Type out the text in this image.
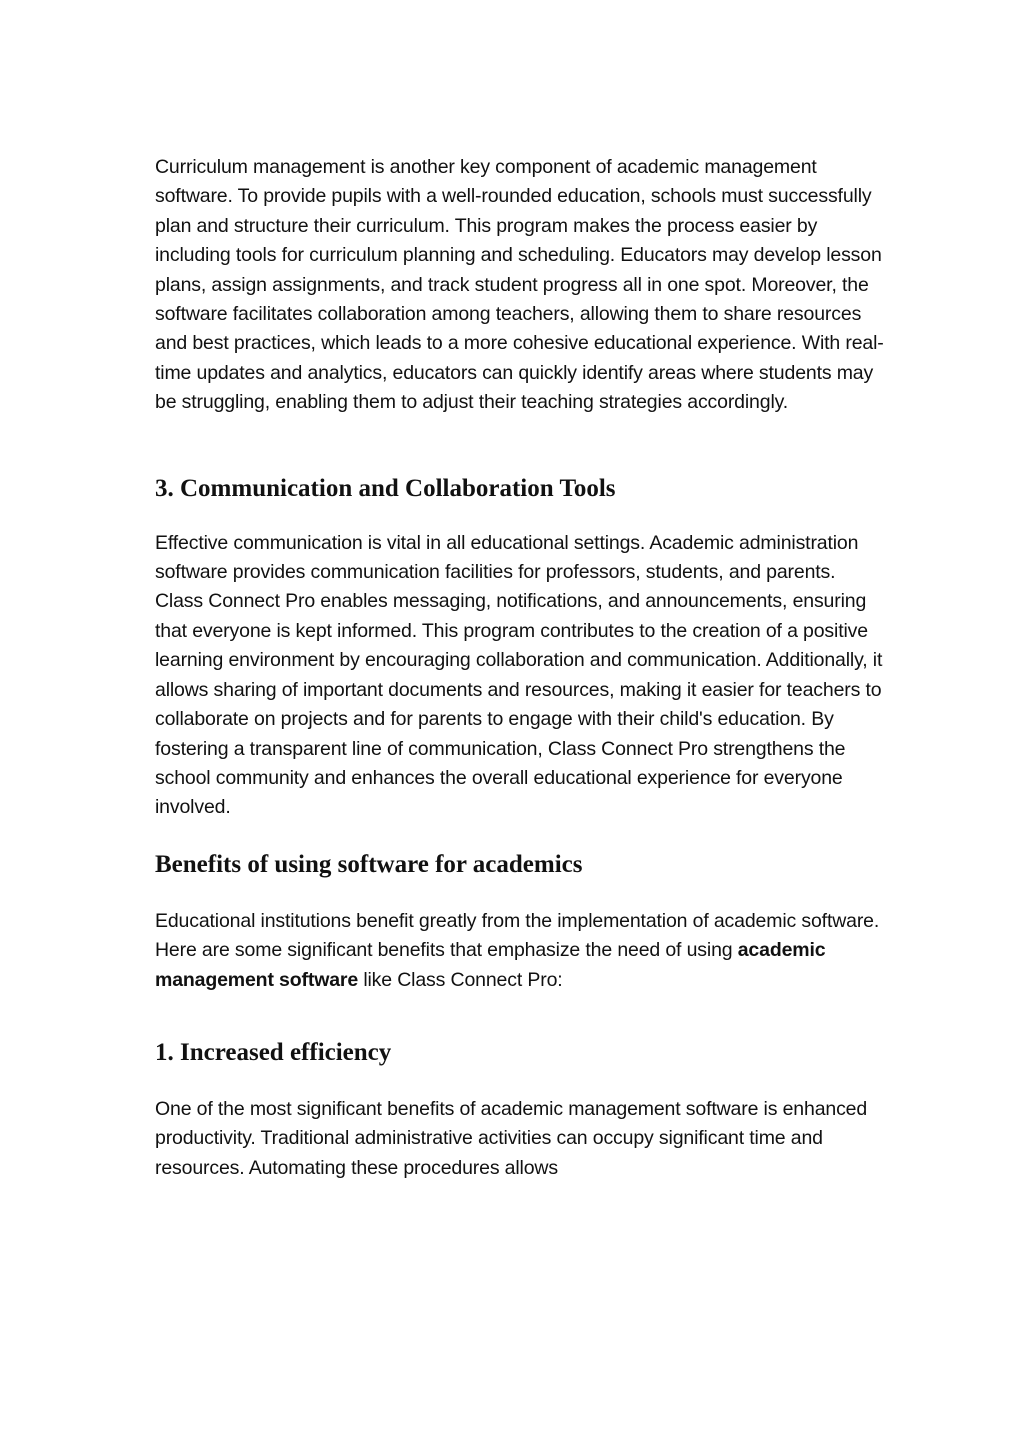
Curriculum management is another key component of academic management software. To provide pupils with a well-rounded education, schools must successfully plan and structure their curriculum. This program makes the process easier by including tools for curriculum planning and scheduling. Educators may develop lesson plans, assign assignments, and track student progress all in one spot. Moreover, the software facilitates collaboration among teachers, allowing them to share resources and best practices, which leads to a more cohesive educational experience. With real-time updates and analytics, educators can quickly identify areas where students may be struggling, enabling them to adjust their teaching strategies accordingly.

3. Communication and Collaboration Tools

Effective communication is vital in all educational settings. Academic administration software provides communication facilities for professors, students, and parents. Class Connect Pro enables messaging, notifications, and announcements, ensuring that everyone is kept informed. This program contributes to the creation of a positive learning environment by encouraging collaboration and communication. Additionally, it allows sharing of important documents and resources, making it easier for teachers to collaborate on projects and for parents to engage with their child's education. By fostering a transparent line of communication, Class Connect Pro strengthens the school community and enhances the overall educational experience for everyone involved.

Benefits of using software for academics

Educational institutions benefit greatly from the implementation of academic software. Here are some significant benefits that emphasize the need of using academic management software like Class Connect Pro:

1. Increased efficiency

One of the most significant benefits of academic management software is enhanced productivity. Traditional administrative activities can occupy significant time and resources. Automating these procedures allows
